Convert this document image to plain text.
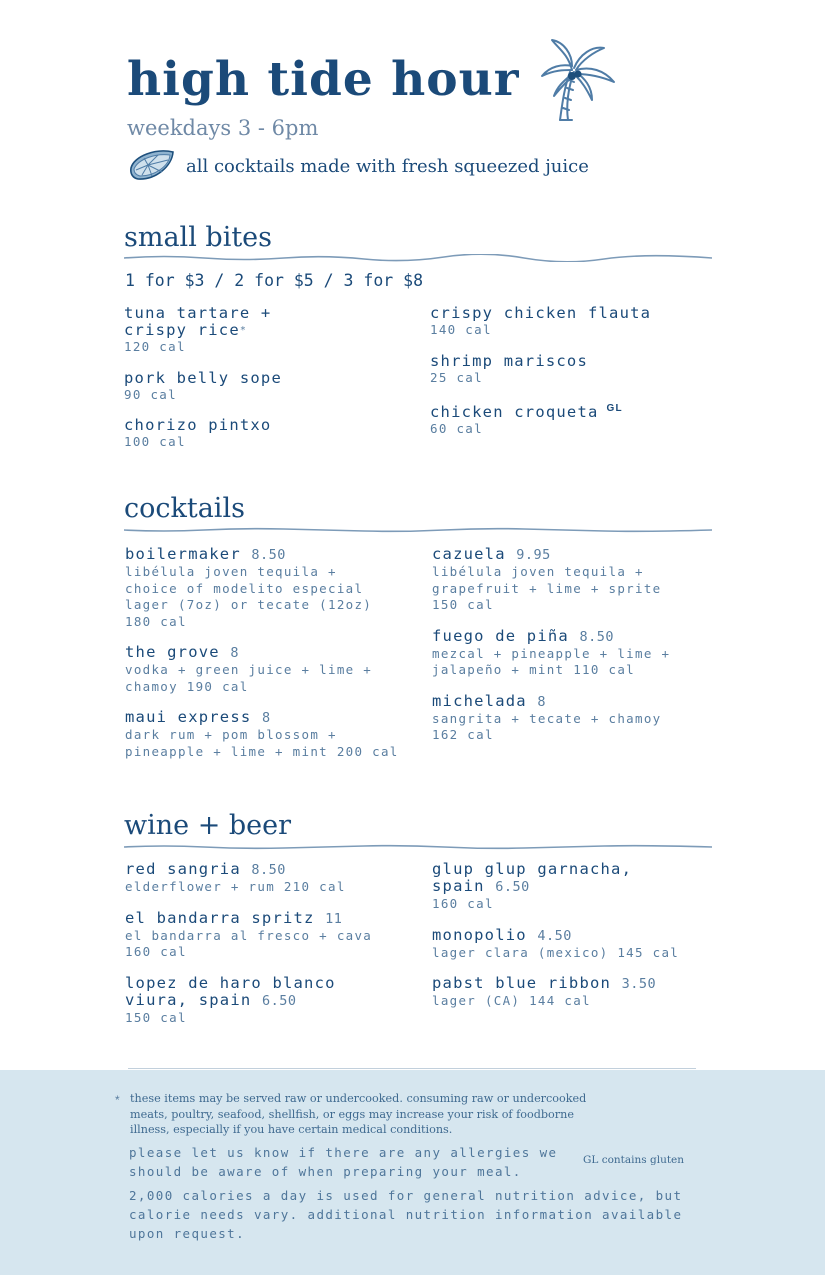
high tide hour
weekdays 3 - 6pm
all cocktails made with fresh squeezed juice
small bites
1 for $3 / 2 for $5 / 3 for $8
tuna tartare +
crispy rice*
120 cal
pork belly sope
90 cal
chorizo pintxo
100 cal
crispy chicken flauta
140 cal
shrimp mariscos
25 cal
chicken croqueta $^{GL}$
60 cal
cocktails
boilermaker 8.50
libélula joven tequila +
choice of modelito especial
lager (7oz) or tecate (12oz)
180 cal
the grove 8
vodka + green juice + lime +
chamoy 190 cal
maui express 8
dark rum + pom blossom +
pineapple + lime + mint 200 cal
cazuela 9.95
libélula joven tequila +
grapefruit + lime + sprite
150 cal
fuego de piña 8.50
mezcal + pineapple + lime +
jalapeño + mint 110 cal
michelada 8
sangrita + tecate + chamoy
162 cal
wine + beer
red sangria 8.50
elderflower + rum 210 cal
el bandarra spritz 11
el bandarra al fresco + cava
160 cal
lopez de haro blanco
viura, spain 6.50
150 cal
glup glup garnacha,
spain 6.50
160 cal
monopolio 4.50
lager clara (mexico) 145 cal
pabst blue ribbon 3.50
lager (CA) 144 cal
* these items may be served raw or undercooked. consuming raw or undercooked meats, poultry, seafood, shellfish, or eggs may increase your risk of foodborne illness, especially if you have certain medical conditions.
please let us know if there are any allergies we should be aware of when preparing your meal.
GL contains gluten
2,000 calories a day is used for general nutrition advice, but calorie needs vary. additional nutrition information available upon request.
